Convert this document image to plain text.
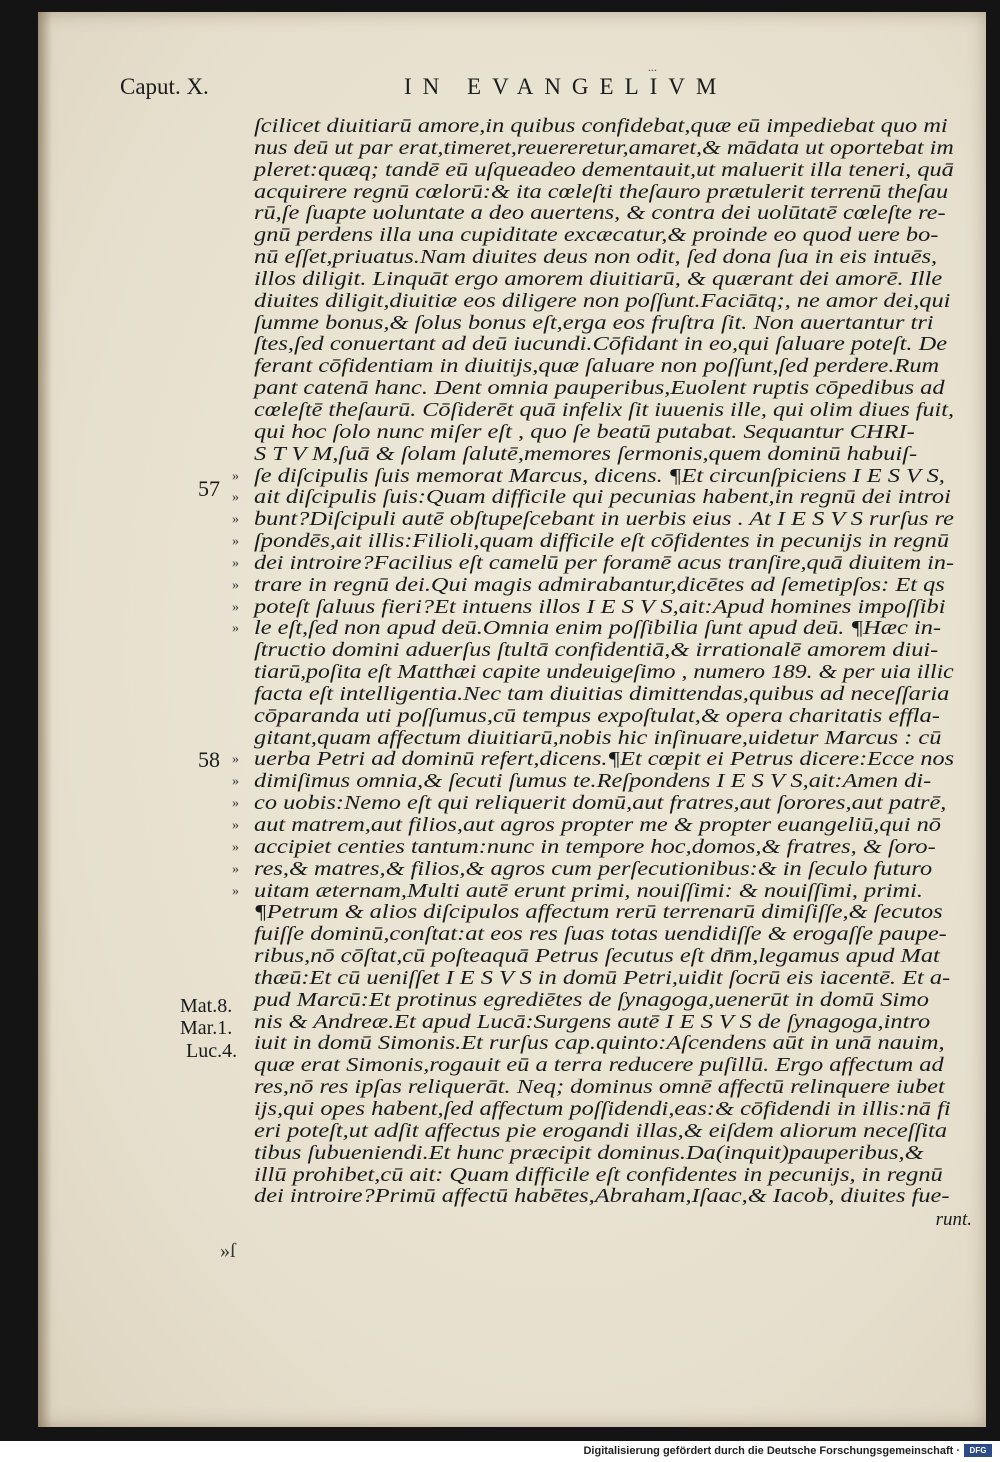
Caput. X.	IN EVANGELIVM
...
57
58
Mat.8.
Mar.1.
Luc.4.
ſcilicet diuitiarū amore,in quibus confidebat,quæ eū impediebat quo mi
nus deū ut par erat,timeret,reuereretur,amaret,& mādata ut oportebat im
pleret:quæq; tandē eū uſqueadeo dementauit,ut maluerit illa teneri, quā
acquirere regnū cœlorū:& ita cœleſti theſauro prætulerit terrenū theſau
rū,ſe ſuapte uoluntate a deo auertens, & contra dei uolūtatē cœleſte re-
gnū perdens illa una cupiditate excæcatur,& proinde eo quod uere bo-
nū eſſet,priuatus.Nam diuites deus non odit, ſed dona ſua in eis intuēs,
illos diligit. Linquāt ergo amorem diuitiarū, & quærant dei amorē. Ille
diuites diligit,diuitiæ eos diligere non poſſunt.Faciātq;, ne amor dei,qui
ſumme bonus,& ſolus bonus eſt,erga eos fruſtra ſit. Non auertantur tri
ſtes,ſed conuertant ad deū iucundi.Cōfidant in eo,qui ſaluare poteſt. De
ferant cōfidentiam in diuitijs,quæ ſaluare non poſſunt,ſed perdere.Rum
pant catenā hanc. Dent omnia pauperibus,Euolent ruptis cōpedibus ad
cœleſtē theſaurū. Cōſiderēt quā infelix ſit iuuenis ille, qui olim diues fuit,
qui hoc ſolo nunc miſer eſt , quo ſe beatū putabat. Sequantur CHRI-
S T V M,ſuā & ſolam ſalutē,memores ſermonis,quem dominū habuiſ-
» ſe diſcipulis ſuis memorat Marcus, dicens. ¶Et circunſpiciens I E S V S,
» ait diſcipulis ſuis:Quam difficile qui pecunias habent,in regnū dei introi
» bunt?Diſcipuli autē obſtupeſcebant in uerbis eius . At I E S V S rurſus re
» ſpondēs,ait illis:Filioli,quam difficile eſt cōfidentes in pecunijs in regnū
» dei introire?Facilius eſt camelū per foramē acus tranſire,quā diuitem in-
» trare in regnū dei.Qui magis admirabantur,dicētes ad ſemetipſos: Et qs
» poteſt ſaluus fieri?Et intuens illos I E S V S,ait:Apud homines impoſſibi
» le eſt,ſed non apud deū.Omnia enim poſſibilia ſunt apud deū. ¶Hæc in-
ſtructio domini aduerſus ſtultā confidentiā,& irrationalē amorem diui-
tiarū,poſita eſt Matthæi capite undeuigeſimo , numero 189. & per uia illic
facta eſt intelligentia.Nec tam diuitias dimittendas,quibus ad neceſſaria
cōparanda uti poſſumus,cū tempus expoſtulat,& opera charitatis effla-
gitant,quam affectum diuitiarū,nobis hic inſinuare,uidetur Marcus : cū
» uerba Petri ad dominū refert,dicens.¶Et cœpit ei Petrus dicere:Ecce nos
» dimiſimus omnia,& ſecuti ſumus te.Reſpondens I E S V S,ait:Amen di-
» co uobis:Nemo eſt qui reliquerit domū,aut fratres,aut ſorores,aut patrē,
» aut matrem,aut filios,aut agros propter me & propter euangeliū,qui nō
» accipiet centies tantum:nunc in tempore hoc,domos,& fratres, & ſoro-
» res,& matres,& filios,& agros cum perſecutionibus:& in ſeculo futuro
» uitam æternam,Multi autē erunt primi, nouiſſimi: & nouiſſimi, primi.
¶Petrum & alios diſcipulos affectum rerū terrenarū dimiſiſſe,& ſecutos
fuiſſe dominū,conſtat:at eos res ſuas totas uendidiſſe & erogaſſe paupe-
ribus,nō cōſtat,cū poſteaquā Petrus ſecutus eſt dn̄m,legamus apud Mat
thæū:Et cū ueniſſet I E S V S in domū Petri,uidit ſocrū eis iacentē. Et a-
pud Marcū:Et protinus egrediētes de ſynagoga,uenerūt in domū Simo
nis & Andreæ.Et apud Lucā:Surgens autē I E S V S de ſynagoga,intro
iuit in domū Simonis.Et rurſus cap.quinto:Aſcendens aūt in unā nauim,
quæ erat Simonis,rogauit eū a terra reducere puſillū. Ergo affectum ad
res,nō res ipſas reliquerāt. Neq; dominus omnē affectū relinquere iubet
ijs,qui opes habent,ſed affectum poſſidendi,eas:& cōfidendi in illis:nā fi
eri poteſt,ut adſit affectus pie erogandi illas,& eiſdem aliorum neceſſita
tibus ſubueniendi.Et hunc præcipit dominus.Da(inquit)pauperibus,&
illū prohibet,cū ait: Quam difficile eſt confidentes in pecunijs, in regnū
dei introire?Primū affectū habētes,Abraham,Iſaac,& Iacob, diuites fue-
runt.
»ſ
Digitalisierung gefördert durch die Deutsche Forschungsgemeinschaft ·	DFG
